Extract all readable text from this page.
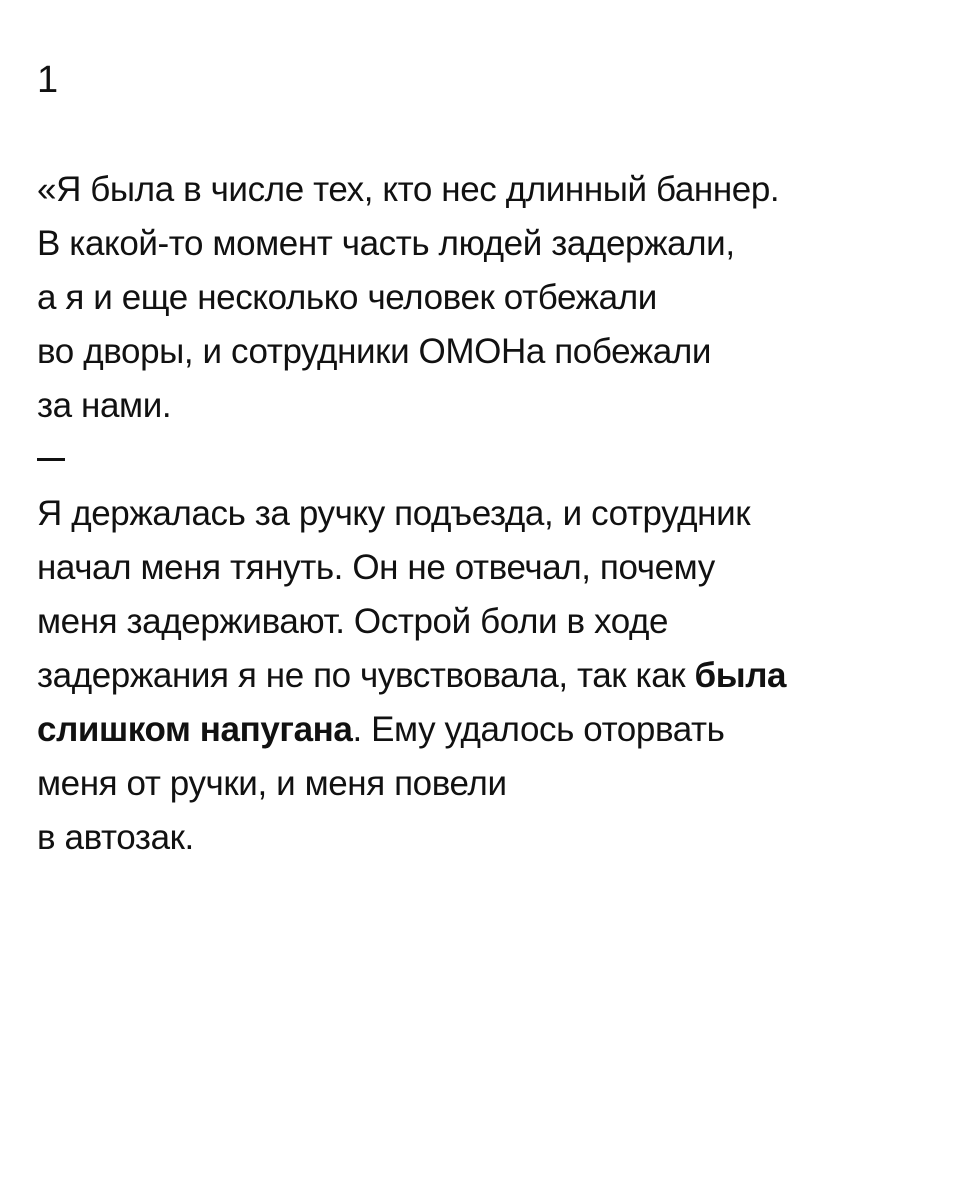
1
«Я была в числе тех, кто нес длинный баннер.
В какой-то момент часть людей задержали,
а я и еще несколько человек отбежали
во дворы, и сотрудники ОМОНа побежали
за нами.
Я держалась за ручку подъезда, и сотрудник
начал меня тянуть. Он не отвечал, почему
меня задерживают. Острой боли в ходе
задержания я не по чувствовала, так как была
слишком напугана. Ему удалось оторвать
меня от ручки, и меня повели
в автозак.
